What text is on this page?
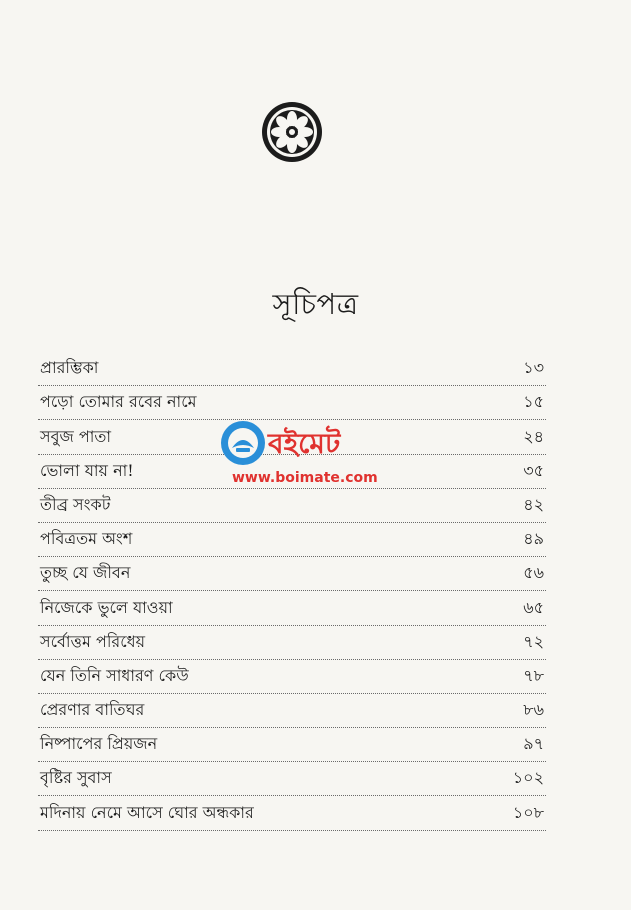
সূচিপত্র
প্রারম্ভিকা	১৩
পড়ো তোমার রবের নামে	১৫
সবুজ পাতা	২৪
ভোলা যায় না!	৩৫
তীব্র সংকট	৪২
পবিত্রতম অংশ	৪৯
তুচ্ছ যে জীবন	৫৬
নিজেকে ভুলে যাওয়া	৬৫
সর্বোত্তম পরিধেয়	৭২
যেন তিনি সাধারণ কেউ	৭৮
প্রেরণার বাতিঘর	৮৬
নিষ্পাপের প্রিয়জন	৯৭
বৃষ্টির সুবাস	১০২
মদিনায় নেমে আসে ঘোর অন্ধকার	১০৮
বইমেট
www.boimate.com
